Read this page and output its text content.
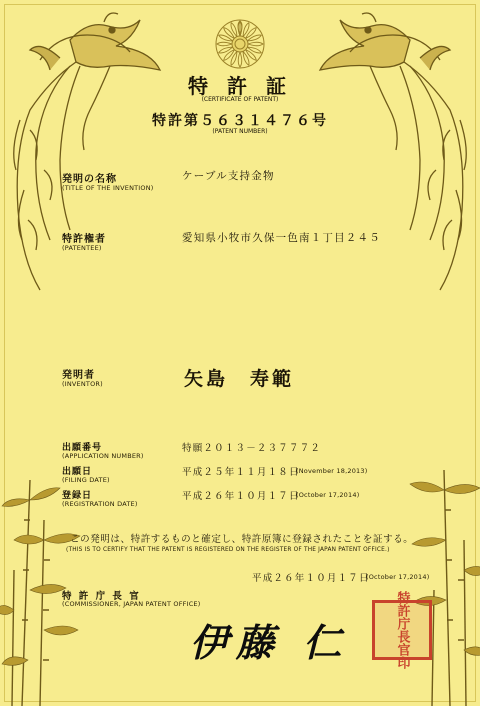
特 許 証
(CERTIFICATE OF PATENT)
特許第５６３１４７６号
(PATENT NUMBER)
発明の名称
(TITLE OF THE INVENTION)
ケーブル支持金物
特許権者
(PATENTEE)
愛知県小牧市久保一色南１丁目２４５
発明者
(INVENTOR)	矢島　寿範
出願番号
(APPLICATION NUMBER)
特願２０１３－２３７７７２
出願日
(FILING DATE)
平成２５年１１月１８日
(November 18,2013)
登録日
(REGISTRATION DATE)
平成２６年１０月１７日
(October 17,2014)
この発明は、特許するものと確定し、特許原簿に登録されたことを証する。
(THIS IS TO CERTIFY THAT THE PATENT IS REGISTERED ON THE REGISTER OF THE JAPAN PATENT OFFICE.)
平成２６年１０月１７日
(October 17,2014)
特 許 庁 長 官
(COMMISSIONER, JAPAN PATENT OFFICE)
伊藤 仁	特許庁長官印
